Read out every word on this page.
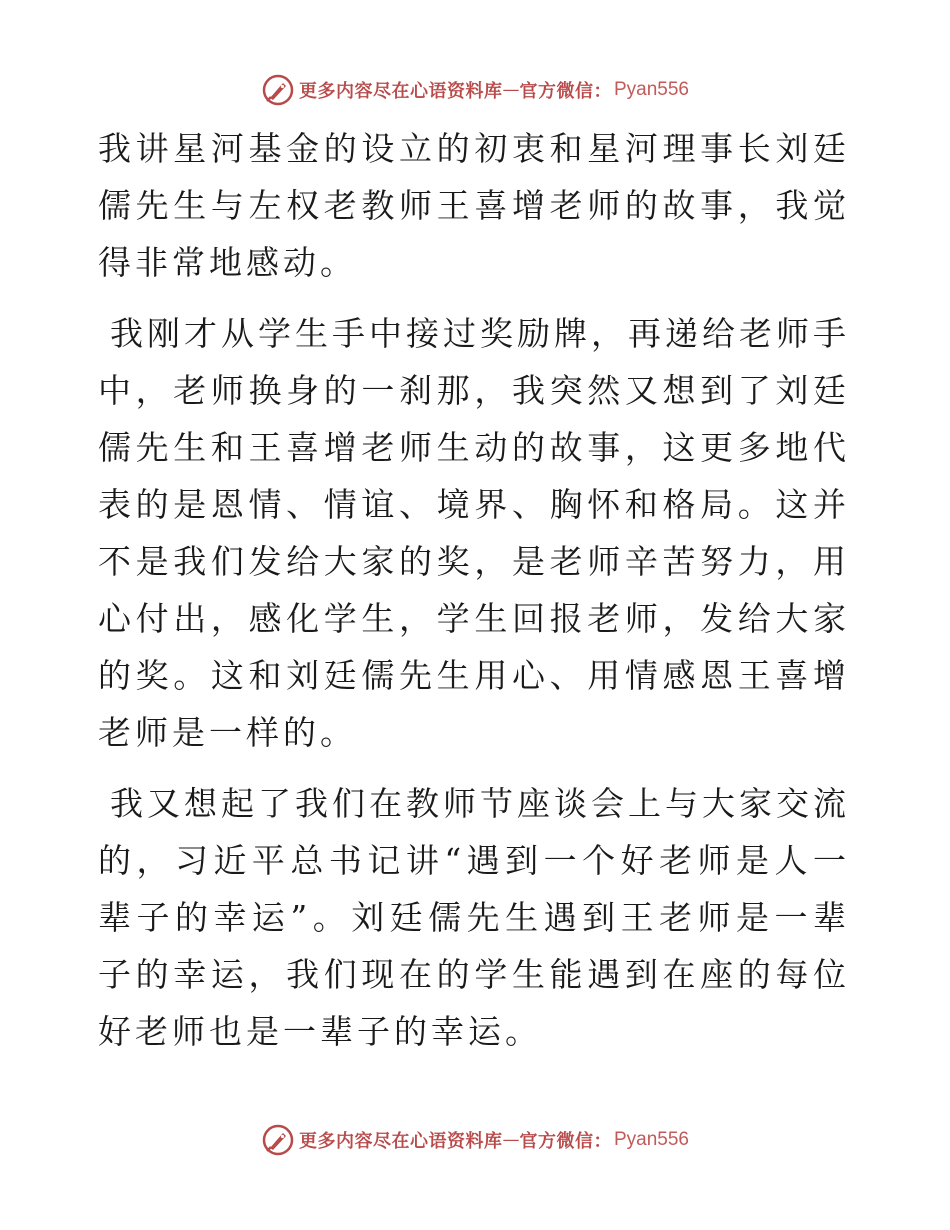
更多内容尽在心语资料库 — 官方微信： Pyan556

我讲星河基金的设立的初衷和星河理事长刘廷儒先生与左权老教师王喜增老师的故事，我觉得非常地感动。

我刚才从学生手中接过奖励牌，再递给老师手中，老师换身的一刹那，我突然又想到了刘廷儒先生和王喜增老师生动的故事，这更多地代表的是恩情、情谊、境界、胸怀和格局。这并不是我们发给大家的奖，是老师辛苦努力，用心付出，感化学生，学生回报老师，发给大家的奖。这和刘廷儒先生用心、用情感恩王喜增老师是一样的。

我又想起了我们在教师节座谈会上与大家交流的，习近平总书记讲“遇到一个好老师是人一辈子的幸运”。刘廷儒先生遇到王老师是一辈子的幸运，我们现在的学生能遇到在座的每位好老师也是一辈子的幸运。

更多内容尽在心语资料库 — 官方微信： Pyan556
